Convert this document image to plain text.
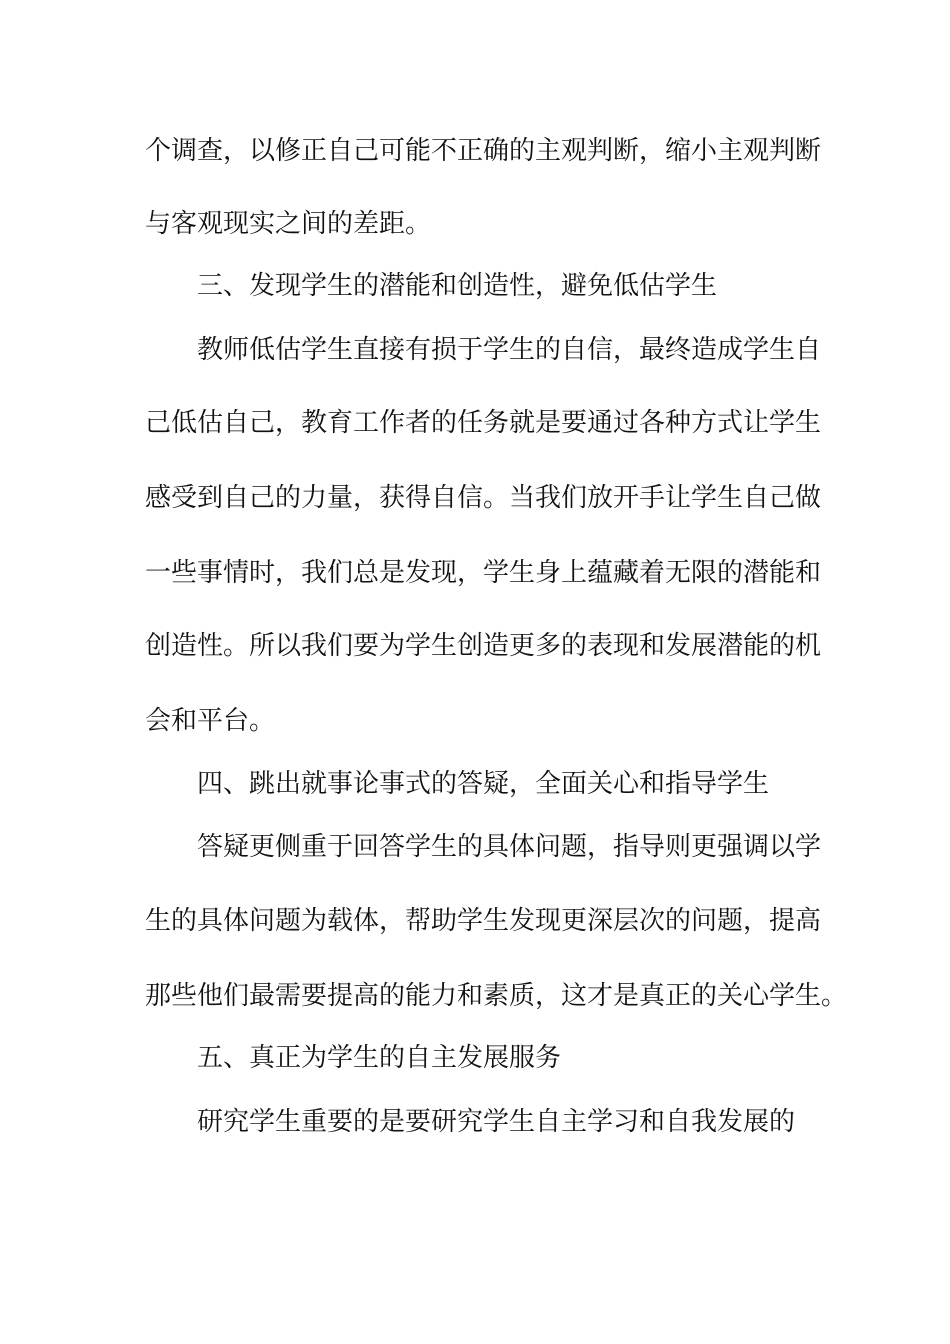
个调查，以修正自己可能不正确的主观判断，缩小主观判断
与客观现实之间的差距。
三、发现学生的潜能和创造性，避免低估学生
教师低估学生直接有损于学生的自信，最终造成学生自
己低估自己，教育工作者的任务就是要通过各种方式让学生
感受到自己的力量，获得自信。当我们放开手让学生自己做
一些事情时，我们总是发现，学生身上蕴藏着无限的潜能和
创造性。所以我们要为学生创造更多的表现和发展潜能的机
会和平台。
四、跳出就事论事式的答疑，全面关心和指导学生
答疑更侧重于回答学生的具体问题，指导则更强调以学
生的具体问题为载体，帮助学生发现更深层次的问题，提高
那些他们最需要提高的能力和素质，这才是真正的关心学生。
五、真正为学生的自主发展服务
研究学生重要的是要研究学生自主学习和自我发展的
